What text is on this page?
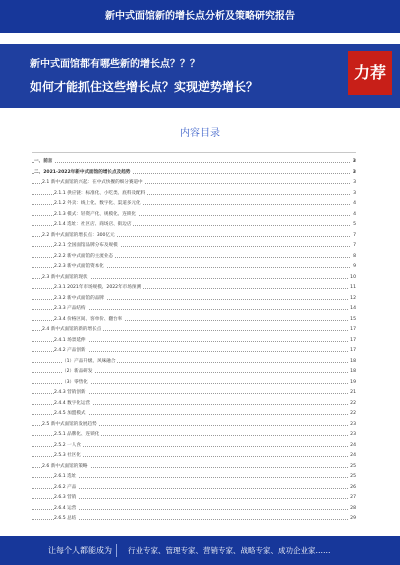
新中式面馆新的增长点分析及策略研究报告
新中式面馆都有哪些新的增长点？？？
如何才能抓住这些增长点？实现逆势增长？
力荐
内容目录
一、前言	3
二、2021-2022年新中式面馆的增长点及趋势	3
2.1 新中式面馆的兴起：在中式快餐的细分赛道中	3
2.1.1 供应链：标准化、小吃类、底料及配料	3
2.1.2 外卖：线上化、数字化、渠道多元化	4
2.1.3 模式：轻资产化、规模化、连锁化	4
2.1.4 选址：社区店、商场店、街边店	5
2.2 新中式面馆的增长点：300亿元	7
2.2.1 全国面馆品牌分布及规模	7
2.2.2 新中式面馆的主流业态	8
2.2.3 新中式面馆资本化	9
2.3 新中式面馆的现状	10
2.3.1 2021年市场规模、2022年市场预测	11
2.3.2 新中式面馆的品牌	12
2.3.3 产品结构	14
2.3.4 价格区间、客单价、翻台率	15
2.4 新中式面馆的新的增长点	17
2.4.1 场景延伸	17
2.4.2 产品创新	17
（1）产品升级、风味融合	18
（2）新品研发	18
（3）零售化	19
2.4.3 营销创新	21
2.4.4 数字化运营	22
2.4.5 加盟模式	22
2.5 新中式面馆的发展趋势	23
2.5.1 品牌化、连锁化	23
2.5.2 一人食	24
2.5.3 社区化	24
2.6 新中式面馆的策略	25
2.6.1 选址	25
2.6.2 产品	26
2.6.3 营销	27
2.6.4 运营	28
2.6.5 总结	29
让每个人都能成为 行业专家、管理专家、营销专家、战略专家、成功企业家……
